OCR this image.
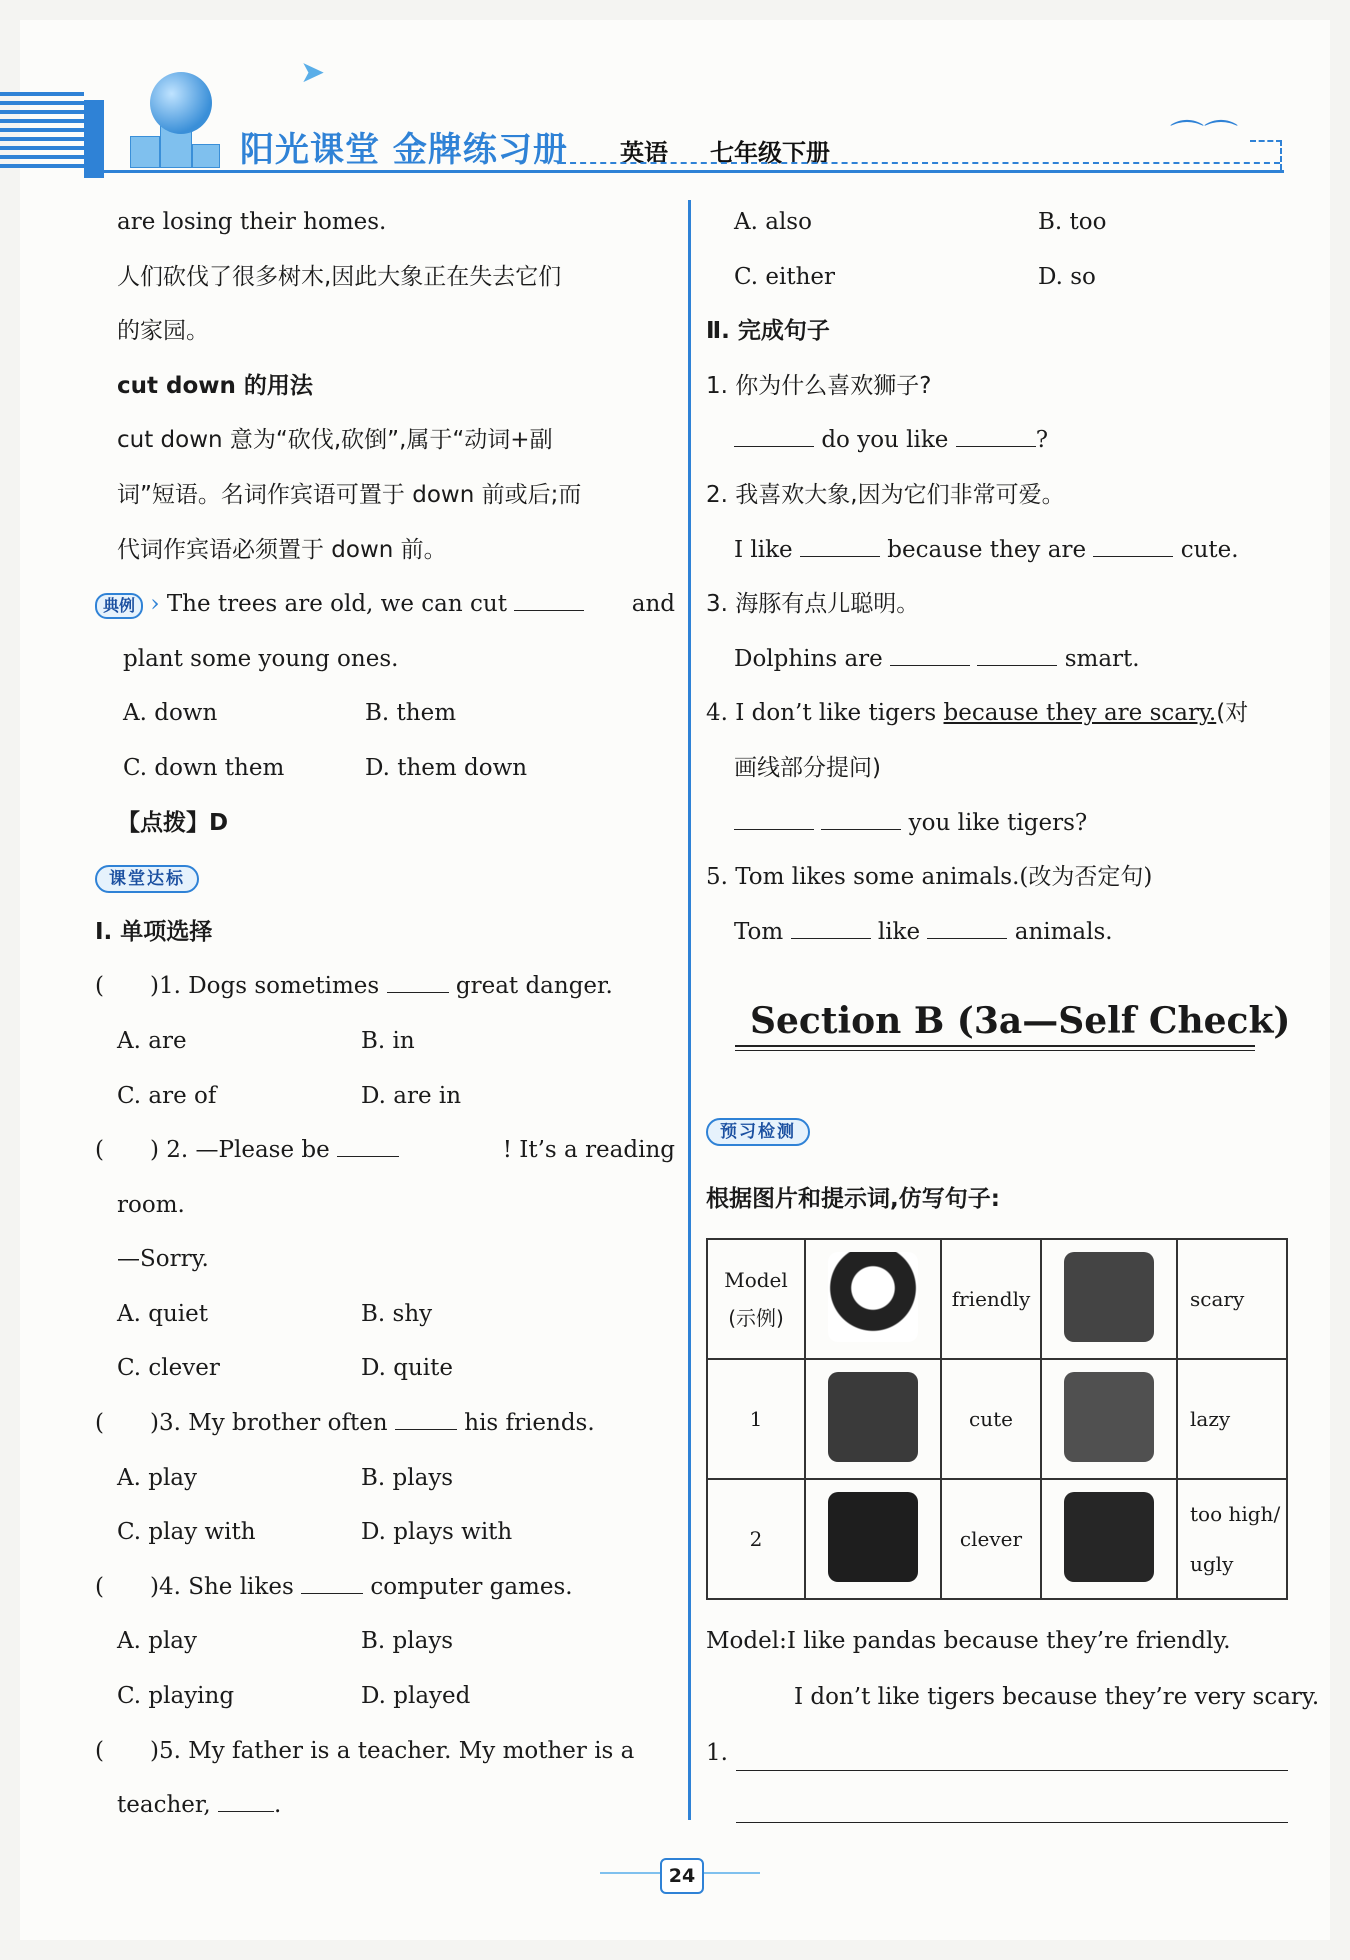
➤
阳光课堂 金牌练习册 英语 七年级下册	⌒⌒
are losing their homes.
人们砍伐了很多树木,因此大象正在失去它们
的家园。
cut down 的用法
cut down 意为“砍伐,砍倒”,属于“动词+副
词”短语。名词作宾语可置于 down 前或后;而
代词作宾语必须置于 down 前。
典例 › The trees are old, we can cut	and
plant some young ones.
A. down	B. them
C. down them	D. them down
【点拨】D
课堂达标
Ⅰ. 单项选择
(　　)1. Dogs sometimes	great danger.
A. are	B. in
C. are of	D. are in
(　　) 2. —Please be	! It’s a reading
room.
—Sorry.
A. quiet	B. shy
C. clever	D. quite
(　　)3. My brother often	his friends.
A. play	B. plays
C. play with	D. plays with
(　　)4. She likes	computer games.
A. play	B. plays
C. playing	D. played
(　　)5. My father is a teacher. My mother is a
teacher,	.
A. also	B. too
C. either	D. so
Ⅱ. 完成句子
1. 你为什么喜欢狮子?
do you like	?
2. 我喜欢大象,因为它们非常可爱。
I like	because they are	cute.
3. 海豚有点儿聪明。
Dolphins are	smart.
4. I don’t like tigers because they are scary.(对
画线部分提问)
you like tigers?
5. Tom likes some animals.(改为否定句)
Tom	like	animals.
Section B (3a—Self Check)
预习检测
根据图片和提示词,仿写句子:
Model
(示例)		friendly		scary
1		cute		lazy
2		clever		too high/
ugly
Model:I like pandas because they’re friendly.
I don’t like tigers because they’re very scary.
1.
24
